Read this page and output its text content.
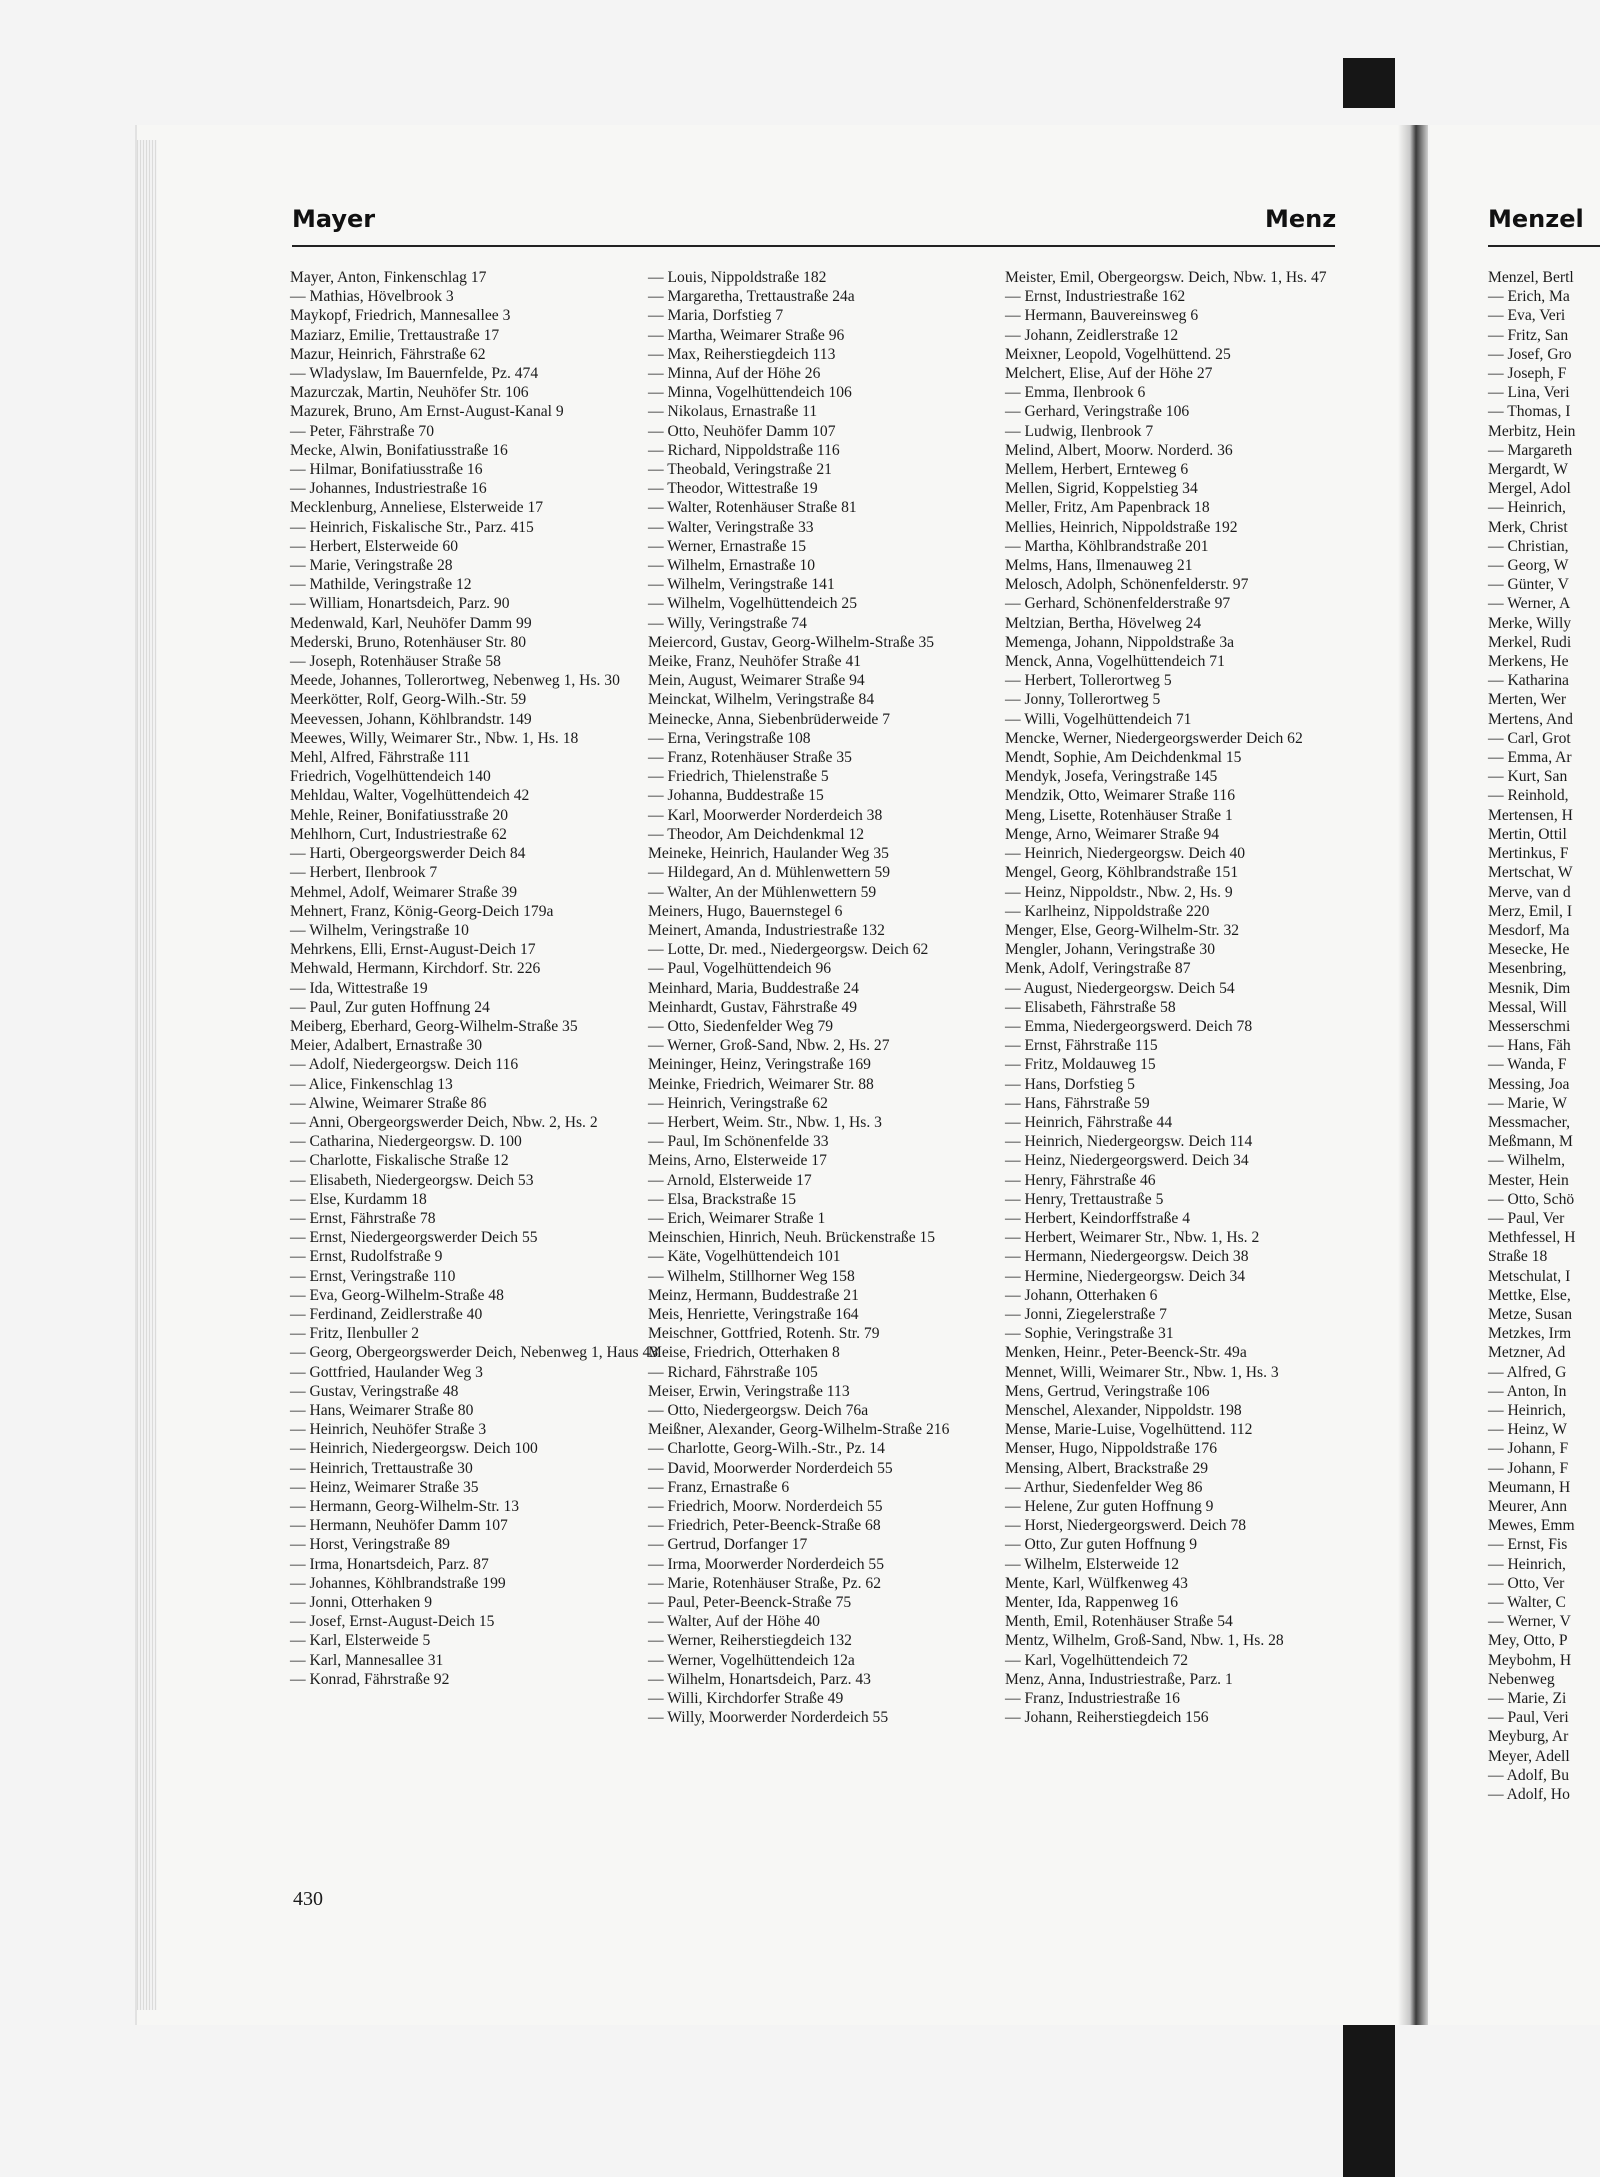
Menzel
Menzel, Bertl
— Erich, Ma
— Eva, Veri
— Fritz, San
— Josef, Gro
— Joseph, F
— Lina, Veri
— Thomas, I
Merbitz, Hein
— Margareth
Mergardt, W
Mergel, Adol
— Heinrich,
Merk, Christ
— Christian,
— Georg, W
— Günter, V
— Werner, A
Merke, Willy
Merkel, Rudi
Merkens, He
— Katharina
Merten, Wer
Mertens, And
— Carl, Grot
— Emma, Ar
— Kurt, San
— Reinhold,
Mertensen, H
Mertin, Ottil
Mertinkus, F
Mertschat, W
Merve, van d
Merz, Emil, I
Mesdorf, Ma
Mesecke, He
Mesenbring,
Mesnik, Dim
Messal, Will
Messerschmi
— Hans, Fäh
— Wanda, F
Messing, Joa
— Marie, W
Messmacher,
Meßmann, M
— Wilhelm,
Mester, Hein
— Otto, Schö
— Paul, Ver
Methfessel, H
Straße 18
Metschulat, I
Mettke, Else,
Metze, Susan
Metzkes, Irm
Metzner, Ad
— Alfred, G
— Anton, In
— Heinrich,
— Heinz, W
— Johann, F
— Johann, F
Meumann, H
Meurer, Ann
Mewes, Emm
— Ernst, Fis
— Heinrich,
— Otto, Ver
— Walter, C
— Werner, V
Mey, Otto, P
Meybohm, H
Nebenweg
— Marie, Zi
— Paul, Veri
Meyburg, Ar
Meyer, Adell
— Adolf, Bu
— Adolf, Ho
Mayer	Menz
Mayer, Anton, Finkenschlag 17
— Mathias, Hövelbrook 3
Maykopf, Friedrich, Mannesallee 3
Maziarz, Emilie, Trettaustraße 17
Mazur, Heinrich, Fährstraße 62
— Wladyslaw, Im Bauernfelde, Pz. 474
Mazurczak, Martin, Neuhöfer Str. 106
Mazurek, Bruno, Am Ernst-August-Kanal 9
— Peter, Fährstraße 70
Mecke, Alwin, Bonifatiusstraße 16
— Hilmar, Bonifatiusstraße 16
— Johannes, Industriestraße 16
Mecklenburg, Anneliese, Elsterweide 17
— Heinrich, Fiskalische Str., Parz. 415
— Herbert, Elsterweide 60
— Marie, Veringstraße 28
— Mathilde, Veringstraße 12
— William, Honartsdeich, Parz. 90
Medenwald, Karl, Neuhöfer Damm 99
Mederski, Bruno, Rotenhäuser Str. 80
— Joseph, Rotenhäuser Straße 58
Meede, Johannes, Tollerortweg, Nebenweg 1, Hs. 30
Meerkötter, Rolf, Georg-Wilh.-Str. 59
Meevessen, Johann, Köhlbrandstr. 149
Meewes, Willy, Weimarer Str., Nbw. 1, Hs. 18
Mehl, Alfred, Fährstraße 111
Friedrich, Vogelhüttendeich 140
Mehldau, Walter, Vogelhüttendeich 42
Mehle, Reiner, Bonifatiusstraße 20
Mehlhorn, Curt, Industriestraße 62
— Harti, Obergeorgswerder Deich 84
— Herbert, Ilenbrook 7
Mehmel, Adolf, Weimarer Straße 39
Mehnert, Franz, König-Georg-Deich 179a
— Wilhelm, Veringstraße 10
Mehrkens, Elli, Ernst-August-Deich 17
Mehwald, Hermann, Kirchdorf. Str. 226
— Ida, Wittestraße 19
— Paul, Zur guten Hoffnung 24
Meiberg, Eberhard, Georg-Wilhelm-Straße 35
Meier, Adalbert, Ernastraße 30
— Adolf, Niedergeorgsw. Deich 116
— Alice, Finkenschlag 13
— Alwine, Weimarer Straße 86
— Anni, Obergeorgswerder Deich, Nbw. 2, Hs. 2
— Catharina, Niedergeorgsw. D. 100
— Charlotte, Fiskalische Straße 12
— Elisabeth, Niedergeorgsw. Deich 53
— Else, Kurdamm 18
— Ernst, Fährstraße 78
— Ernst, Niedergeorgswerder Deich 55
— Ernst, Rudolfstraße 9
— Ernst, Veringstraße 110
— Eva, Georg-Wilhelm-Straße 48
— Ferdinand, Zeidlerstraße 40
— Fritz, Ilenbuller 2
— Georg, Obergeorgswerder Deich, Nebenweg 1, Haus 43
— Gottfried, Haulander Weg 3
— Gustav, Veringstraße 48
— Hans, Weimarer Straße 80
— Heinrich, Neuhöfer Straße 3
— Heinrich, Niedergeorgsw. Deich 100
— Heinrich, Trettaustraße 30
— Heinz, Weimarer Straße 35
— Hermann, Georg-Wilhelm-Str. 13
— Hermann, Neuhöfer Damm 107
— Horst, Veringstraße 89
— Irma, Honartsdeich, Parz. 87
— Johannes, Köhlbrandstraße 199
— Jonni, Otterhaken 9
— Josef, Ernst-August-Deich 15
— Karl, Elsterweide 5
— Karl, Mannesallee 31
— Konrad, Fährstraße 92
— Louis, Nippoldstraße 182
— Margaretha, Trettaustraße 24a
— Maria, Dorfstieg 7
— Martha, Weimarer Straße 96
— Max, Reiherstiegdeich 113
— Minna, Auf der Höhe 26
— Minna, Vogelhüttendeich 106
— Nikolaus, Ernastraße 11
— Otto, Neuhöfer Damm 107
— Richard, Nippoldstraße 116
— Theobald, Veringstraße 21
— Theodor, Wittestraße 19
— Walter, Rotenhäuser Straße 81
— Walter, Veringstraße 33
— Werner, Ernastraße 15
— Wilhelm, Ernastraße 10
— Wilhelm, Veringstraße 141
— Wilhelm, Vogelhüttendeich 25
— Willy, Veringstraße 74
Meiercord, Gustav, Georg-Wilhelm-Straße 35
Meike, Franz, Neuhöfer Straße 41
Mein, August, Weimarer Straße 94
Meinckat, Wilhelm, Veringstraße 84
Meinecke, Anna, Siebenbrüderweide 7
— Erna, Veringstraße 108
— Franz, Rotenhäuser Straße 35
— Friedrich, Thielenstraße 5
— Johanna, Buddestraße 15
— Karl, Moorwerder Norderdeich 38
— Theodor, Am Deichdenkmal 12
Meineke, Heinrich, Haulander Weg 35
— Hildegard, An d. Mühlenwettern 59
— Walter, An der Mühlenwettern 59
Meiners, Hugo, Bauernstegel 6
Meinert, Amanda, Industriestraße 132
— Lotte, Dr. med., Niedergeorgsw. Deich 62
— Paul, Vogelhüttendeich 96
Meinhard, Maria, Buddestraße 24
Meinhardt, Gustav, Fährstraße 49
— Otto, Siedenfelder Weg 79
— Werner, Groß-Sand, Nbw. 2, Hs. 27
Meininger, Heinz, Veringstraße 169
Meinke, Friedrich, Weimarer Str. 88
— Heinrich, Veringstraße 62
— Herbert, Weim. Str., Nbw. 1, Hs. 3
— Paul, Im Schönenfelde 33
Meins, Arno, Elsterweide 17
— Arnold, Elsterweide 17
— Elsa, Brackstraße 15
— Erich, Weimarer Straße 1
Meinschien, Hinrich, Neuh. Brückenstraße 15
— Käte, Vogelhüttendeich 101
— Wilhelm, Stillhorner Weg 158
Meinz, Hermann, Buddestraße 21
Meis, Henriette, Veringstraße 164
Meischner, Gottfried, Rotenh. Str. 79
Meise, Friedrich, Otterhaken 8
— Richard, Fährstraße 105
Meiser, Erwin, Veringstraße 113
— Otto, Niedergeorgsw. Deich 76a
Meißner, Alexander, Georg-Wilhelm-Straße 216
— Charlotte, Georg-Wilh.-Str., Pz. 14
— David, Moorwerder Norderdeich 55
— Franz, Ernastraße 6
— Friedrich, Moorw. Norderdeich 55
— Friedrich, Peter-Beenck-Straße 68
— Gertrud, Dorfanger 17
— Irma, Moorwerder Norderdeich 55
— Marie, Rotenhäuser Straße, Pz. 62
— Paul, Peter-Beenck-Straße 75
— Walter, Auf der Höhe 40
— Werner, Reiherstiegdeich 132
— Werner, Vogelhüttendeich 12a
— Wilhelm, Honartsdeich, Parz. 43
— Willi, Kirchdorfer Straße 49
— Willy, Moorwerder Norderdeich 55
Meister, Emil, Obergeorgsw. Deich, Nbw. 1, Hs. 47
— Ernst, Industriestraße 162
— Hermann, Bauvereinsweg 6
— Johann, Zeidlerstraße 12
Meixner, Leopold, Vogelhüttend. 25
Melchert, Elise, Auf der Höhe 27
— Emma, Ilenbrook 6
— Gerhard, Veringstraße 106
— Ludwig, Ilenbrook 7
Melind, Albert, Moorw. Norderd. 36
Mellem, Herbert, Ernteweg 6
Mellen, Sigrid, Koppelstieg 34
Meller, Fritz, Am Papenbrack 18
Mellies, Heinrich, Nippoldstraße 192
— Martha, Köhlbrandstraße 201
Melms, Hans, Ilmenauweg 21
Melosch, Adolph, Schönenfelderstr. 97
— Gerhard, Schönenfelderstraße 97
Meltzian, Bertha, Hövelweg 24
Memenga, Johann, Nippoldstraße 3a
Menck, Anna, Vogelhüttendeich 71
— Herbert, Tollerortweg 5
— Jonny, Tollerortweg 5
— Willi, Vogelhüttendeich 71
Mencke, Werner, Niedergeorgswerder Deich 62
Mendt, Sophie, Am Deichdenkmal 15
Mendyk, Josefa, Veringstraße 145
Mendzik, Otto, Weimarer Straße 116
Meng, Lisette, Rotenhäuser Straße 1
Menge, Arno, Weimarer Straße 94
— Heinrich, Niedergeorgsw. Deich 40
Mengel, Georg, Köhlbrandstraße 151
— Heinz, Nippoldstr., Nbw. 2, Hs. 9
— Karlheinz, Nippoldstraße 220
Menger, Else, Georg-Wilhelm-Str. 32
Mengler, Johann, Veringstraße 30
Menk, Adolf, Veringstraße 87
— August, Niedergeorgsw. Deich 54
— Elisabeth, Fährstraße 58
— Emma, Niedergeorgswerd. Deich 78
— Ernst, Fährstraße 115
— Fritz, Moldauweg 15
— Hans, Dorfstieg 5
— Hans, Fährstraße 59
— Heinrich, Fährstraße 44
— Heinrich, Niedergeorgsw. Deich 114
— Heinz, Niedergeorgswerd. Deich 34
— Henry, Fährstraße 46
— Henry, Trettaustraße 5
— Herbert, Keindorffstraße 4
— Herbert, Weimarer Str., Nbw. 1, Hs. 2
— Hermann, Niedergeorgsw. Deich 38
— Hermine, Niedergeorgsw. Deich 34
— Johann, Otterhaken 6
— Jonni, Ziegelerstraße 7
— Sophie, Veringstraße 31
Menken, Heinr., Peter-Beenck-Str. 49a
Mennet, Willi, Weimarer Str., Nbw. 1, Hs. 3
Mens, Gertrud, Veringstraße 106
Menschel, Alexander, Nippoldstr. 198
Mense, Marie-Luise, Vogelhüttend. 112
Menser, Hugo, Nippoldstraße 176
Mensing, Albert, Brackstraße 29
— Arthur, Siedenfelder Weg 86
— Helene, Zur guten Hoffnung 9
— Horst, Niedergeorgswerd. Deich 78
— Otto, Zur guten Hoffnung 9
— Wilhelm, Elsterweide 12
Mente, Karl, Wülfkenweg 43
Menter, Ida, Rappenweg 16
Menth, Emil, Rotenhäuser Straße 54
Mentz, Wilhelm, Groß-Sand, Nbw. 1, Hs. 28
— Karl, Vogelhüttendeich 72
Menz, Anna, Industriestraße, Parz. 1
— Franz, Industriestraße 16
— Johann, Reiherstiegdeich 156
430
